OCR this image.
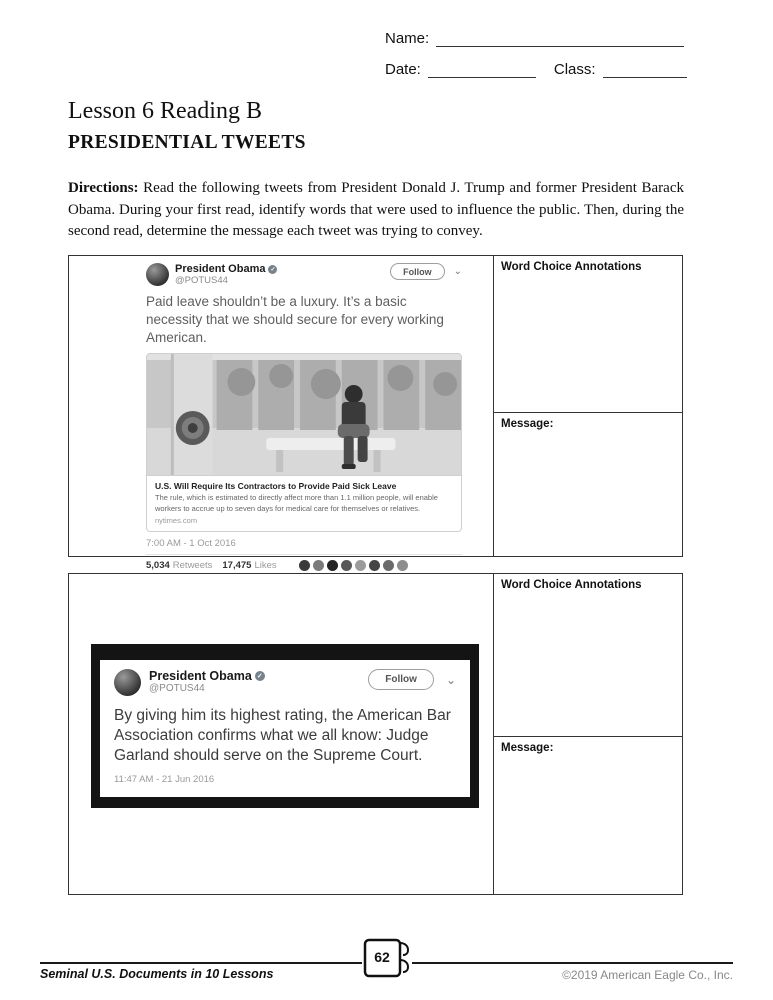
Name:
Date:	Class:
Lesson 6 Reading B
PRESIDENTIAL TWEETS

Directions: Read the following tweets from President Donald J. Trump and former President Barack Obama. During your first read, identify words that were used to influence the public. Then, during the second read, determine the message each tweet was trying to convey.

President Obama ✓
@POTUS44
Follow	⌄
Paid leave shouldn’t be a luxury. It’s a basic necessity that we should secure for every working American.
U.S. Will Require Its Contractors to Provide Paid Sick Leave
The rule, which is estimated to directly affect more than 1.1 million people, will enable workers to accrue up to seven days for medical care for themselves or relatives.
nytimes.com
7:00 AM - 1 Oct 2016
5,034 Retweets 17,475 Likes
Word Choice Annotations
Message:
President Obama ✓
@POTUS44
Follow	⌄
By giving him its highest rating, the American Bar Association confirms what we all know: Judge Garland should serve on the Supreme Court.
11:47 AM - 21 Jun 2016
Word Choice Annotations
Message:
Seminal U.S. Documents in 10 Lessons	©2019 American Eagle Co., Inc.
62
